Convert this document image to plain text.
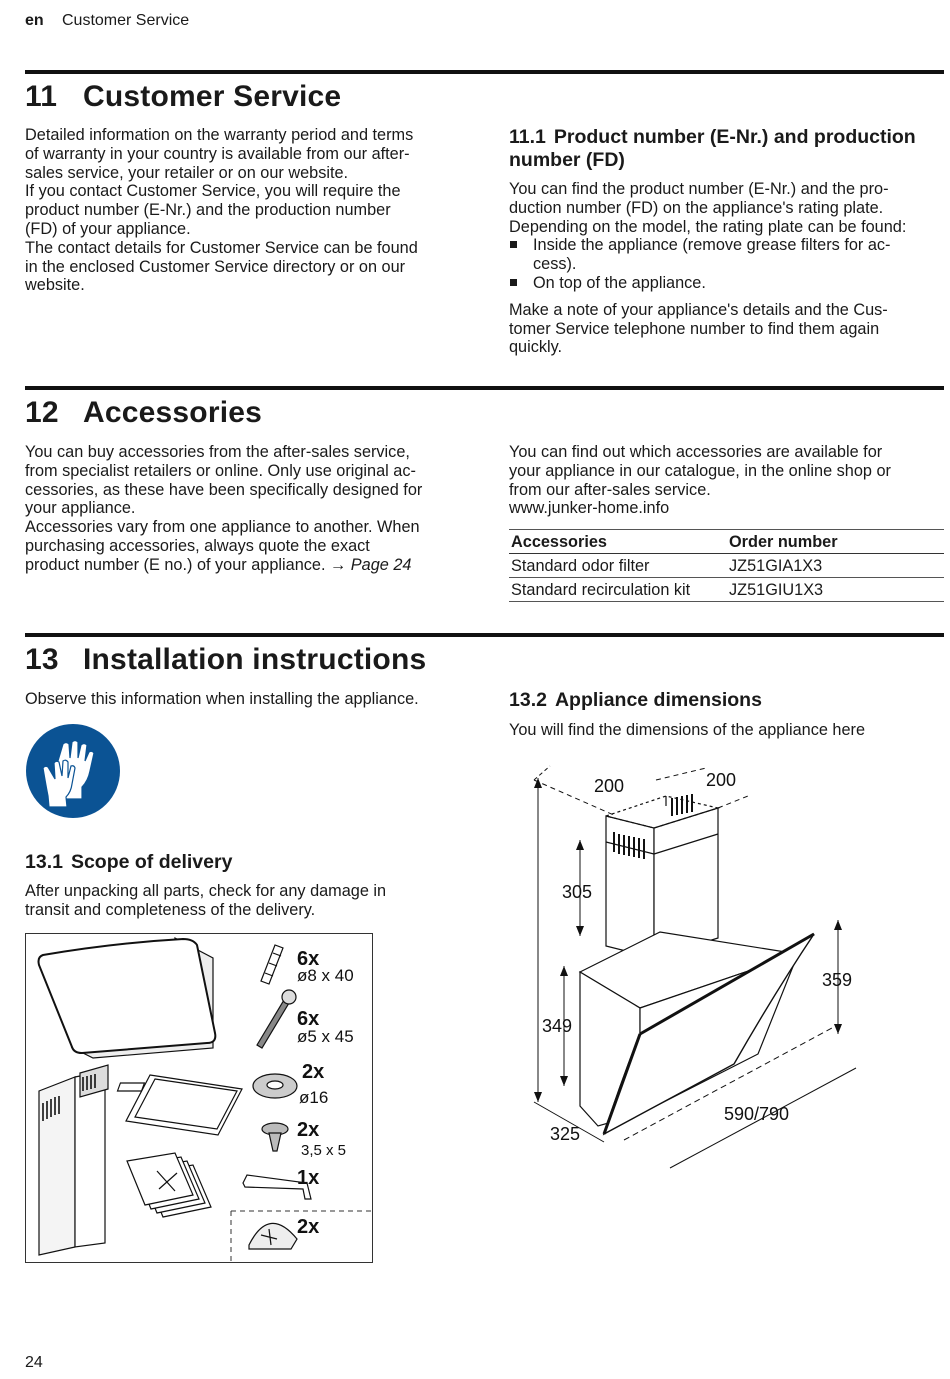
en Customer Service
11 Customer Service

Detailed information on the warranty period and terms

of warranty in your country is available from our after-

sales service, your retailer or on our website.

If you contact Customer Service, you will require the

product number (E-Nr.) and the production number

(FD) of your appliance.

The contact details for Customer Service can be found

in the enclosed Customer Service directory or on our

website.

11.1 Product number (E-Nr.) and production
number (FD)

You can find the product number (E-Nr.) and the pro-

duction number (FD) on the appliance's rating plate.

Depending on the model, the rating plate can be found:

Inside the appliance (remove grease filters for ac-
cess).
On top of the appliance.

Make a note of your appliance's details and the Cus-

tomer Service telephone number to find them again

quickly.

12 Accessories

You can buy accessories from the after-sales service,

from specialist retailers or online. Only use original ac-

cessories, as these have been specifically designed for

your appliance.

Accessories vary from one appliance to another. When

purchasing accessories, always quote the exact

product number (E no.) of your appliance. → Page 24

You can find out which accessories are available for

your appliance in our catalogue, in the online shop or

from our after-sales service.

www.junker-home.info

Accessories	Order number
Standard odor filter	JZ51GIA1X3
Standard recirculation kit	JZ51GIU1X3
13 Installation instructions
Observe this information when installing the appliance.
13.1 Scope of delivery

After unpacking all parts, check for any damage in

transit and completeness of the delivery.

6x
6x
2x
2x
1x
2x
ø8 x 40
ø5 x 45
ø16
3,5 x 5
13.2 Appliance dimensions
You will find the dimensions of the appliance here
200	200
305
349
359
325
590/790
24
